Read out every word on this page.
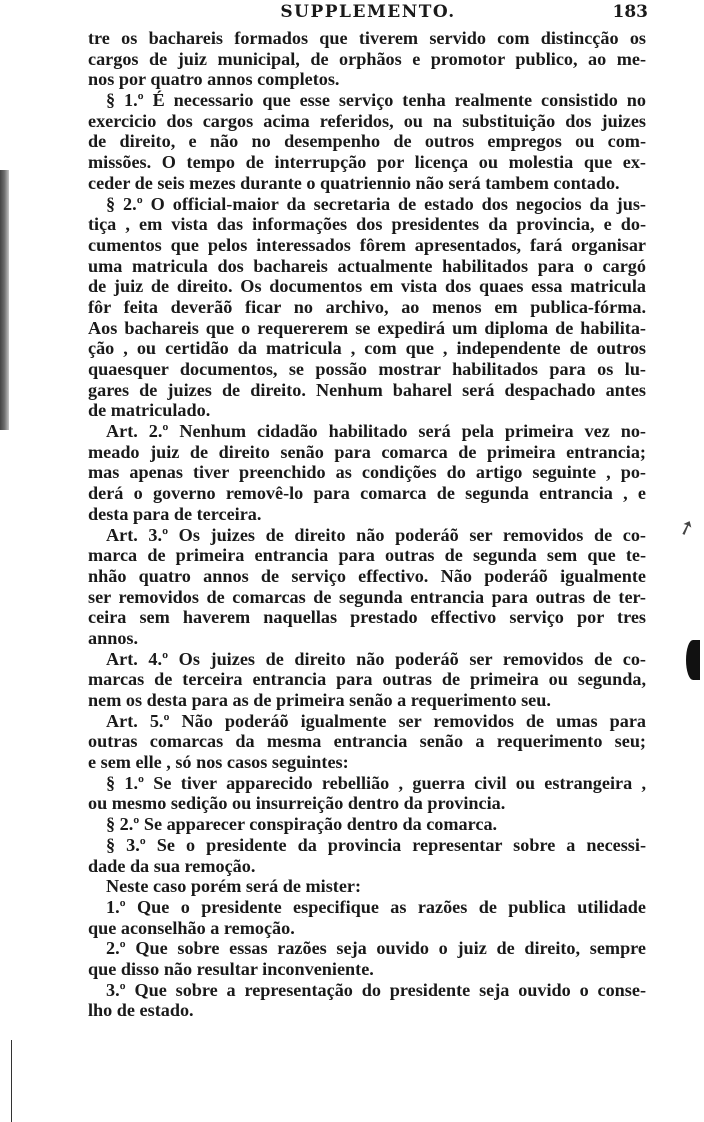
➚
SUPPLEMENTO.	183
tre os bachareis formados que tiverem servido com distincção os
cargos de juiz municipal, de orphãos e promotor publico, ao me-
nos por quatro annos completos.
§ 1.º É necessario que esse serviço tenha realmente consistido no
exercicio dos cargos acima referidos, ou na substituição dos juizes
de direito, e não no desempenho de outros empregos ou com-
missões. O tempo de interrupção por licença ou molestia que ex-
ceder de seis mezes durante o quatriennio não será tambem contado.
§ 2.º O official-maior da secretaria de estado dos negocios da jus-
tiça , em vista das informações dos presidentes da provincia, e do-
cumentos que pelos interessados fôrem apresentados, fará organisar
uma matricula dos bachareis actualmente habilitados para o cargó
de juiz de direito. Os documentos em vista dos quaes essa matricula
fôr feita deverãõ ficar no archivo, ao menos em publica-fórma.
Aos bachareis que o requererem se expedirá um diploma de habilita-
ção , ou certidão da matricula , com que , independente de outros
quaesquer documentos, se possão mostrar habilitados para os lu-
gares de juizes de direito. Nenhum baharel será despachado antes
de matriculado.
Art. 2.º Nenhum cidadão habilitado será pela primeira vez no-
meado juiz de direito senão para comarca de primeira entrancia;
mas apenas tiver preenchido as condições do artigo seguinte , po-
derá o governo removê-lo para comarca de segunda entrancia , e
desta para de terceira.
Art. 3.º Os juizes de direito não poderáõ ser removidos de co-
marca de primeira entrancia para outras de segunda sem que te-
nhão quatro annos de serviço effectivo. Não poderáõ igualmente
ser removidos de comarcas de segunda entrancia para outras de ter-
ceira sem haverem naquellas prestado effectivo serviço por tres
annos.
Art. 4.º Os juizes de direito não poderáõ ser removidos de co-
marcas de terceira entrancia para outras de primeira ou segunda,
nem os desta para as de primeira senão a requerimento seu.
Art. 5.º Não poderáõ igualmente ser removidos de umas para
outras comarcas da mesma entrancia senão a requerimento seu;
e sem elle , só nos casos seguintes:
§ 1.º Se tiver apparecido rebellião , guerra civil ou estrangeira ,
ou mesmo sedição ou insurreição dentro da provincia.
§ 2.º Se apparecer conspiração dentro da comarca.
§ 3.º Se o presidente da provincia representar sobre a necessi-
dade da sua remoção.
Neste caso porém será de mister:
1.º Que o presidente especifique as razões de publica utilidade
que aconselhão a remoção.
2.º Que sobre essas razões seja ouvido o juiz de direito, sempre
que disso não resultar inconveniente.
3.º Que sobre a representação do presidente seja ouvido o conse-
lho de estado.
